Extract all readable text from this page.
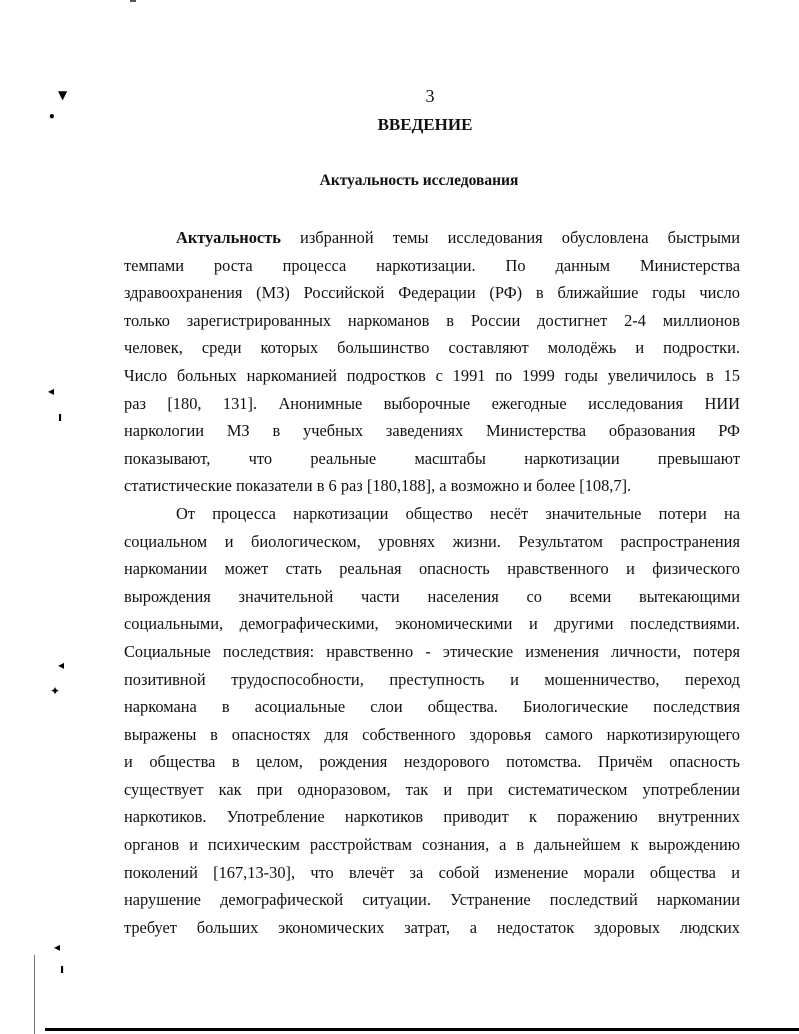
▼
•
◂
ı
◂
✦
◂
ı
3
ВВЕДЕНИЕ
Актуальность исследования
Актуальность избранной темы исследования обусловлена быстрыми
темпами роста процесса наркотизации. По данным Министерства
здравоохранения (МЗ) Российской Федерации (РФ) в ближайшие годы число
только зарегистрированных наркоманов в России достигнет 2-4 миллионов
человек, среди которых большинство составляют молодёжь и подростки.
Число больных наркоманией подростков с 1991 по 1999 годы увеличилось в 15
раз [180, 131]. Анонимные выборочные ежегодные исследования НИИ
наркологии МЗ в учебных заведениях Министерства образования РФ
показывают, что реальные масштабы наркотизации превышают
статистические показатели в 6 раз [180,188], а возможно и более [108,7].
От процесса наркотизации общество несёт значительные потери на
социальном и биологическом, уровнях жизни. Результатом распространения
наркомании может стать реальная опасность нравственного и физического
вырождения значительной части населения со всеми вытекающими
социальными, демографическими, экономическими и другими последствиями.
Социальные последствия: нравственно - этические изменения личности, потеря
позитивной трудоспособности, преступность и мошенничество, переход
наркомана в асоциальные слои общества. Биологические последствия
выражены в опасностях для собственного здоровья самого наркотизирующего
и общества в целом, рождения нездорового потомства. Причём опасность
существует как при одноразовом, так и при систематическом употреблении
наркотиков. Употребление наркотиков приводит к поражению внутренних
органов и психическим расстройствам сознания, а в дальнейшем к вырождению
поколений [167,13-30], что влечёт за собой изменение морали общества и
нарушение демографической ситуации. Устранение последствий наркомании
требует больших экономических затрат, а недостаток здоровых людских
